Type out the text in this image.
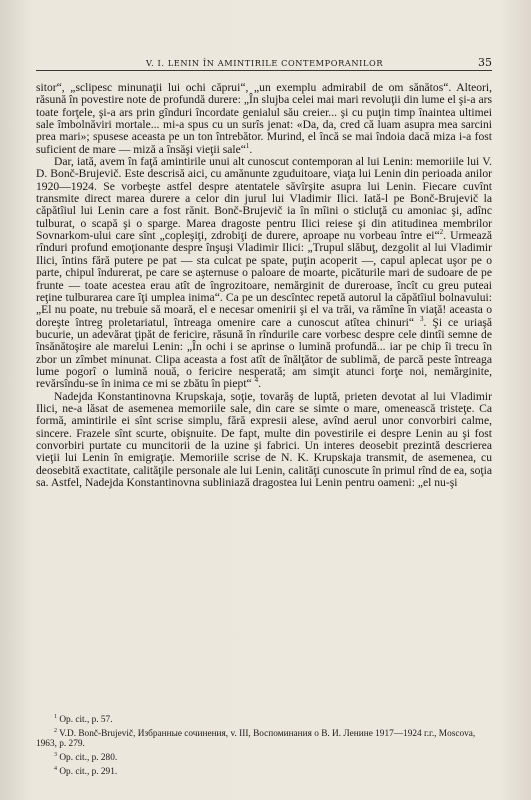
V. I. LENIN ÎN AMINTIRILE CONTEMPORANILOR	35

sitor“, „sclipesc minunaţii lui ochi căprui“, „un exemplu admirabil de om sănătos“. Alteori, răsună în povestire note de profundă durere: „În slujba celei mai mari revoluţii din lume el şi-a ars toate forţele, şi-a ars prin gînduri încordate genialul său creier... şi cu puţin timp înaintea ultimei sale îmbolnăviri mortale... mi-a spus cu un surîs jenat: «Da, da, cred că luam asupra mea sarcini prea mari»; spusese aceasta pe un ton întrebător. Murind, el încă se mai îndoia dacă miza i-a fost suficient de mare — miză a însăşi vieţii sale“$^1$.

Dar, iată, avem în faţă amintirile unui alt cunoscut contemporan al lui Lenin: memoriile lui V. D. Bonč-Brujevič. Este descrisă aici, cu amănunte zguduitoare, viaţa lui Lenin din perioada anilor 1920—1924. Se vorbeşte astfel despre atentatele săvîrşite asupra lui Lenin. Fiecare cuvînt transmite direct marea durere a celor din jurul lui Vladimir Ilici. Iată-l pe Bonč-Brujevič la căpătîiul lui Lenin care a fost rănit. Bonč-Brujevič ia în mîini o sticluţă cu amoniac şi, adînc tulburat, o scapă şi o sparge. Marea dragoste pentru Ilici reiese şi din atitudinea membrilor Sovnarkom-ului care sînt „copleşiţi, zdrobiţi de durere, aproape nu vorbeau între ei“$^2$. Urmează rînduri profund emoţionante despre înşuşi Vladimir Ilici: „Trupul slăbuţ, dezgolit al lui Vladimir Ilici, întins fără putere pe pat — sta culcat pe spate, puţin acoperit —, capul aplecat uşor pe o parte, chipul îndurerat, pe care se aşternuse o paloare de moarte, picăturile mari de sudoare de pe frunte — toate acestea erau atît de îngrozitoare, nemărginit de dureroase, încît cu greu puteai reţine tulburarea care îţi umplea inima“. Ca pe un descîntec repetă autorul la căpătîiul bolnavului: „El nu poate, nu trebuie să moară, el e necesar omenirii şi el va trăi, va rămîne în viaţă! aceasta o doreşte întreg proletariatul, întreaga omenire care a cunoscut atîtea chinuri“ $^3$. Şi ce uriaşă bucurie, un adevărat ţipăt de fericire, răsună în rîndurile care vorbesc despre cele dintîi semne de însănătoşire ale marelui Lenin: „În ochi i se aprinse o lumină profundă... iar pe chip îi trecu în zbor un zîmbet minunat. Clipa aceasta a fost atît de înălţător de sublimă, de parcă peste întreaga lume pogorî o lumină nouă, o fericire nesperată; am simţit atunci forţe noi, nemărginite, revărsîndu-se în inima ce mi se zbătu în piept“ $^4$.

Nadejda Konstantinovna Krupskaja, soţie, tovarăş de luptă, prieten devotat al lui Vladimir Ilici, ne-a lăsat de asemenea memoriile sale, din care se simte o mare, omenească tristeţe. Ca formă, amintirile ei sînt scrise simplu, fără expresii alese, avînd aerul unor convorbiri calme, sincere. Frazele sînt scurte, obişnuite. De fapt, multe din povestirile ei despre Lenin au şi fost convorbiri purtate cu muncitorii de la uzine şi fabrici. Un interes deosebit prezintă descrierea vieţii lui Lenin în emigraţie. Memoriile scrise de N. K. Krupskaja transmit, de asemenea, cu deosebită exactitate, calităţile personale ale lui Lenin, calităţi cunoscute în primul rînd de ea, soţia sa. Astfel, Nadejda Konstantinovna subliniază dragostea lui Lenin pentru oameni: „el nu-şi

$^1$ Op. cit., p. 57.

$^2$ V.D. Bonč-Brujevič, Избранные сочинения, v. III, Воспоминания о В. И. Ленине 1917—1924 г.г., Moscova, 1963, p. 279.

$^3$ Op. cit., p. 280.

$^4$ Op. cit., p. 291.
